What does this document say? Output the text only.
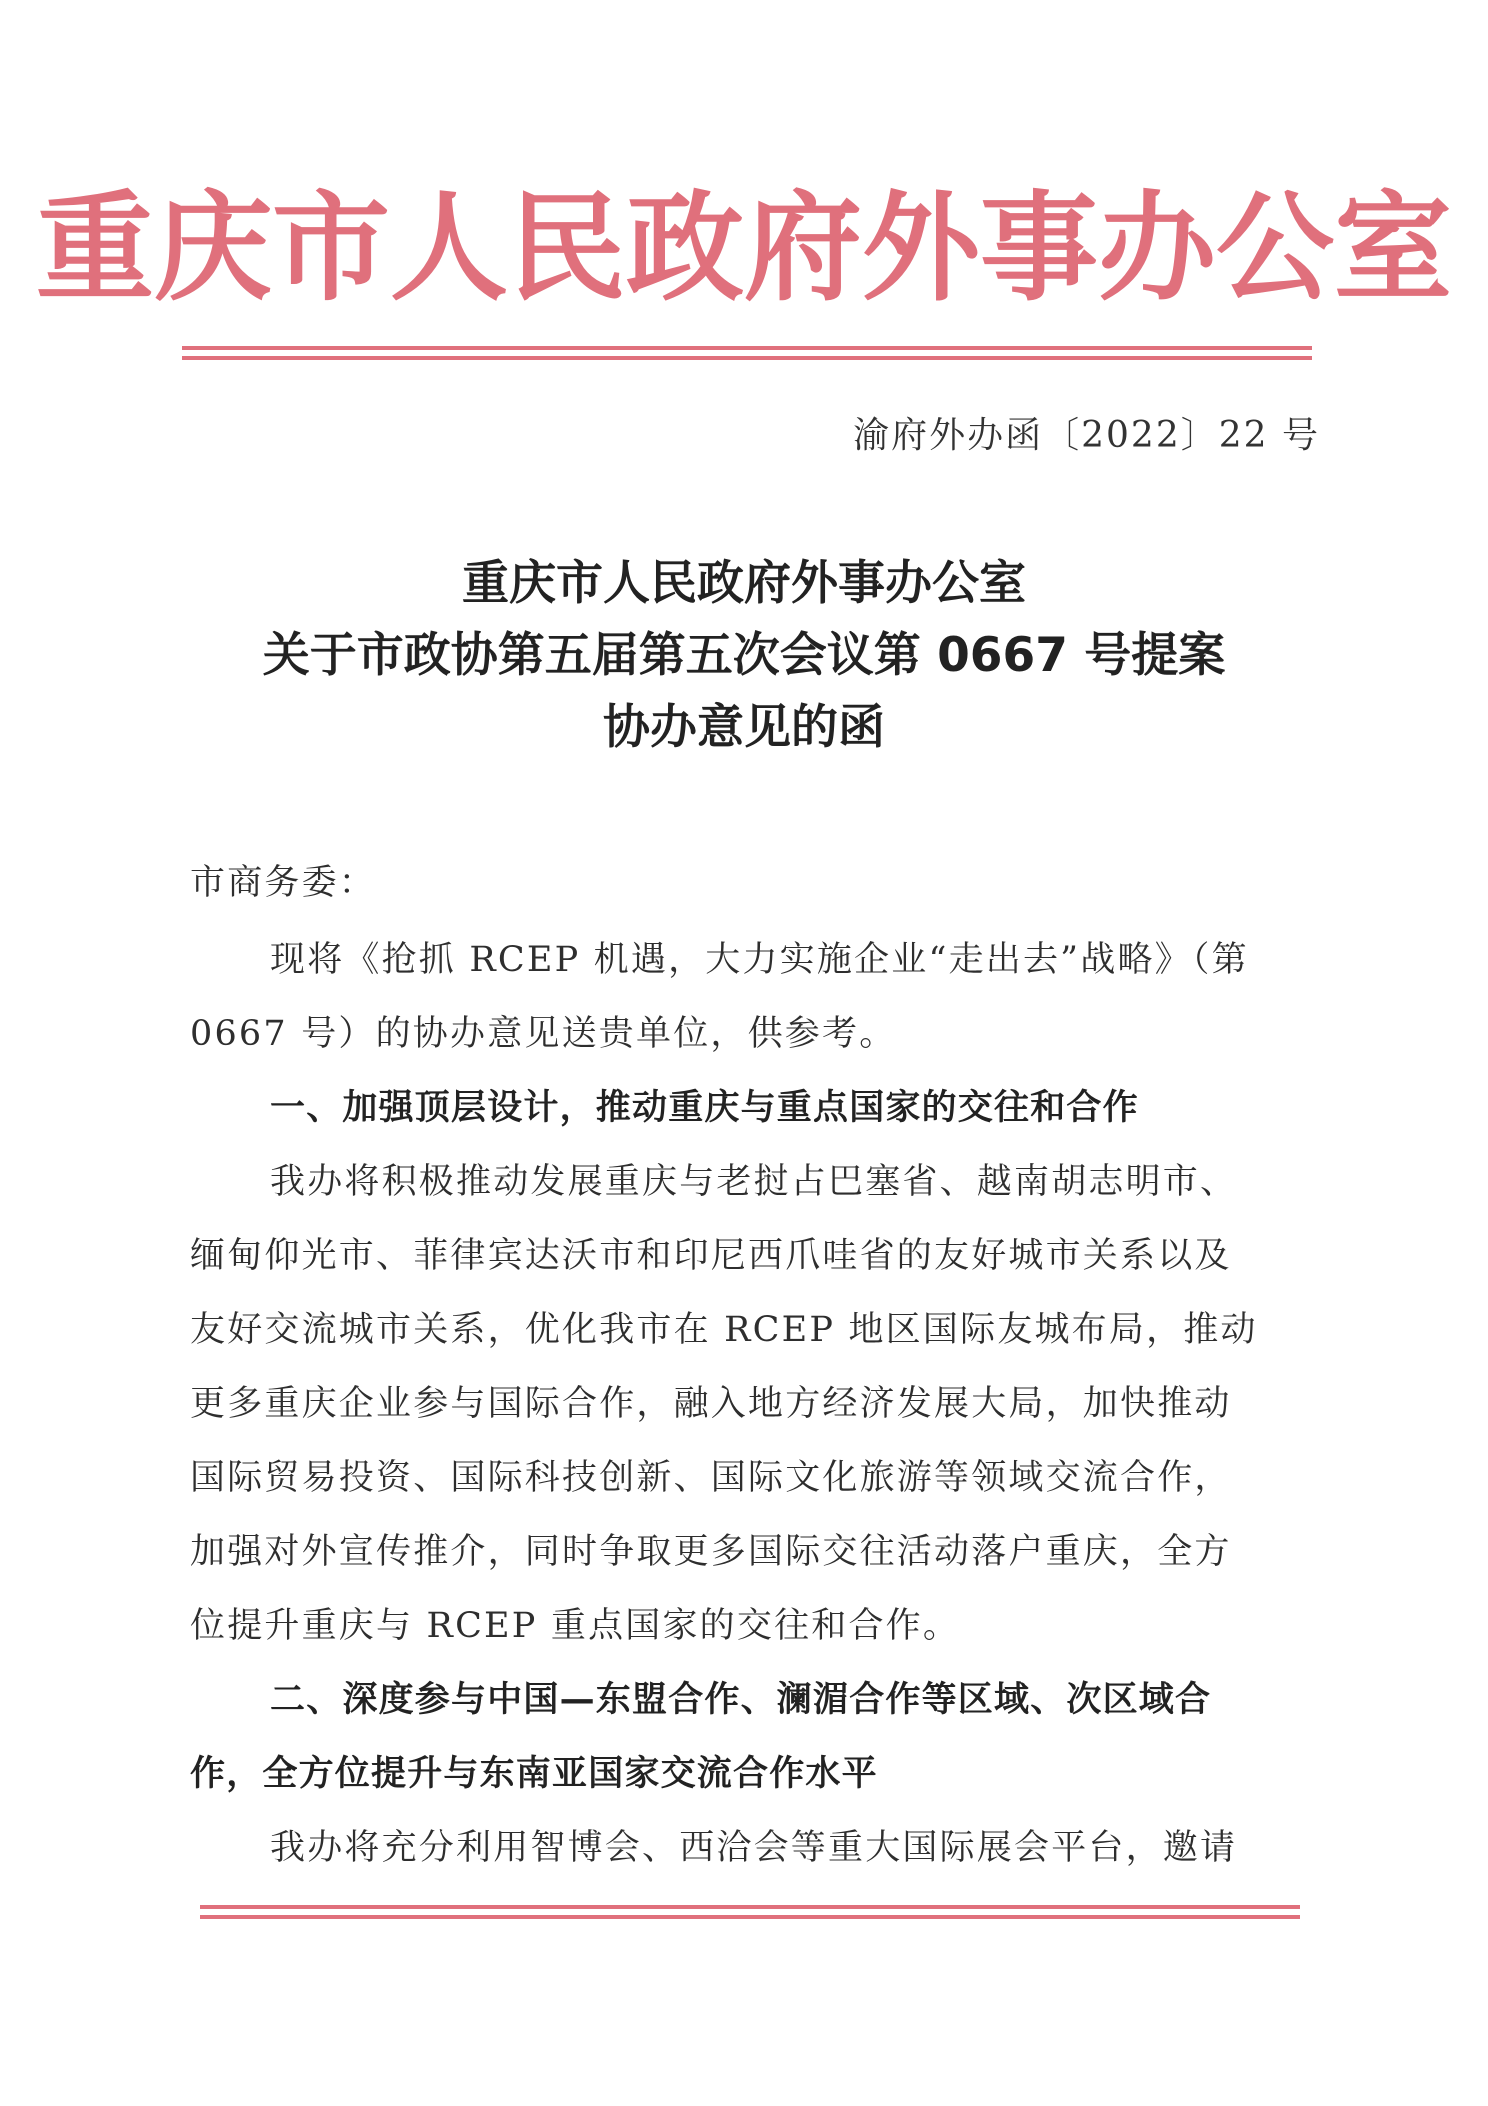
重庆市人民政府外事办公室
渝府外办函〔2022〕22 号
重庆市人民政府外事办公室
关于市政协第五届第五次会议第 0667 号提案
协办意见的函
市商务委：
现将《抢抓 RCEP 机遇，大力实施企业“走出去”战略》（第
0667 号）的协办意见送贵单位，供参考。
一、加强顶层设计，推动重庆与重点国家的交往和合作
我办将积极推动发展重庆与老挝占巴塞省、越南胡志明市、
缅甸仰光市、菲律宾达沃市和印尼西爪哇省的友好城市关系以及
友好交流城市关系，优化我市在 RCEP 地区国际友城布局，推动
更多重庆企业参与国际合作，融入地方经济发展大局，加快推动
国际贸易投资、国际科技创新、国际文化旅游等领域交流合作，
加强对外宣传推介，同时争取更多国际交往活动落户重庆，全方
位提升重庆与 RCEP 重点国家的交往和合作。
二、深度参与中国—东盟合作、澜湄合作等区域、次区域合
作，全方位提升与东南亚国家交流合作水平
我办将充分利用智博会、西洽会等重大国际展会平台，邀请
